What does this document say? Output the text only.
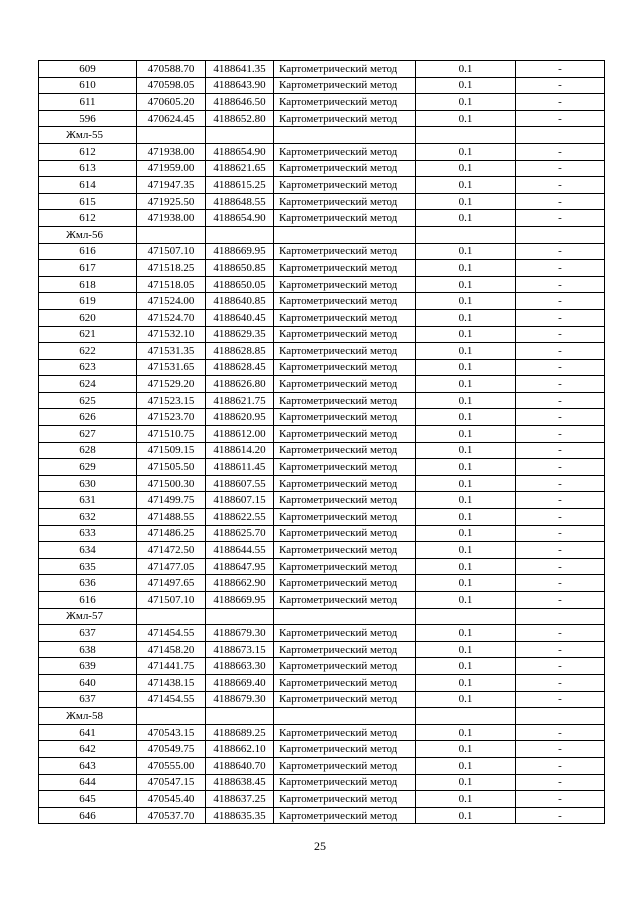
609	470588.70	4188641.35	Картометрический метод	0.1	-
610	470598.05	4188643.90	Картометрический метод	0.1	-
611	470605.20	4188646.50	Картометрический метод	0.1	-
596	470624.45	4188652.80	Картометрический метод	0.1	-
Жмл-55					
612	471938.00	4188654.90	Картометрический метод	0.1	-
613	471959.00	4188621.65	Картометрический метод	0.1	-
614	471947.35	4188615.25	Картометрический метод	0.1	-
615	471925.50	4188648.55	Картометрический метод	0.1	-
612	471938.00	4188654.90	Картометрический метод	0.1	-
Жмл-56					
616	471507.10	4188669.95	Картометрический метод	0.1	-
617	471518.25	4188650.85	Картометрический метод	0.1	-
618	471518.05	4188650.05	Картометрический метод	0.1	-
619	471524.00	4188640.85	Картометрический метод	0.1	-
620	471524.70	4188640.45	Картометрический метод	0.1	-
621	471532.10	4188629.35	Картометрический метод	0.1	-
622	471531.35	4188628.85	Картометрический метод	0.1	-
623	471531.65	4188628.45	Картометрический метод	0.1	-
624	471529.20	4188626.80	Картометрический метод	0.1	-
625	471523.15	4188621.75	Картометрический метод	0.1	-
626	471523.70	4188620.95	Картометрический метод	0.1	-
627	471510.75	4188612.00	Картометрический метод	0.1	-
628	471509.15	4188614.20	Картометрический метод	0.1	-
629	471505.50	4188611.45	Картометрический метод	0.1	-
630	471500.30	4188607.55	Картометрический метод	0.1	-
631	471499.75	4188607.15	Картометрический метод	0.1	-
632	471488.55	4188622.55	Картометрический метод	0.1	-
633	471486.25	4188625.70	Картометрический метод	0.1	-
634	471472.50	4188644.55	Картометрический метод	0.1	-
635	471477.05	4188647.95	Картометрический метод	0.1	-
636	471497.65	4188662.90	Картометрический метод	0.1	-
616	471507.10	4188669.95	Картометрический метод	0.1	-
Жмл-57					
637	471454.55	4188679.30	Картометрический метод	0.1	-
638	471458.20	4188673.15	Картометрический метод	0.1	-
639	471441.75	4188663.30	Картометрический метод	0.1	-
640	471438.15	4188669.40	Картометрический метод	0.1	-
637	471454.55	4188679.30	Картометрический метод	0.1	-
Жмл-58					
641	470543.15	4188689.25	Картометрический метод	0.1	-
642	470549.75	4188662.10	Картометрический метод	0.1	-
643	470555.00	4188640.70	Картометрический метод	0.1	-
644	470547.15	4188638.45	Картометрический метод	0.1	-
645	470545.40	4188637.25	Картометрический метод	0.1	-
646	470537.70	4188635.35	Картометрический метод	0.1	-
25
